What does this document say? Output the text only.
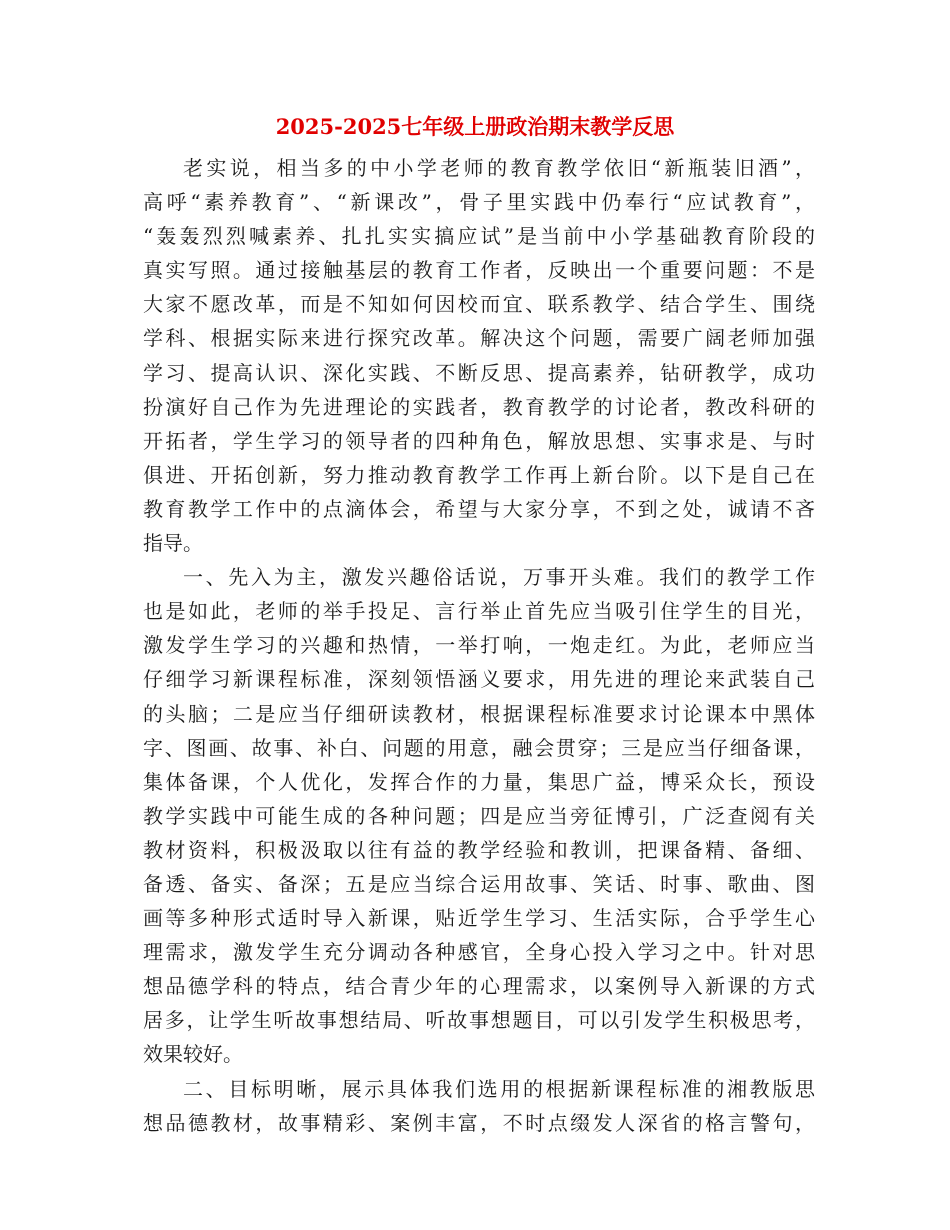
2025-2025七年级上册政治期末教学反思
老实说，相当多的中小学老师的教育教学依旧“新瓶装旧酒”，
高呼“素养教育”、“新课改”，骨子里实践中仍奉行“应试教育”，
“轰轰烈烈喊素养、扎扎实实搞应试”是当前中小学基础教育阶段的
真实写照。通过接触基层的教育工作者，反映出一个重要问题：不是
大家不愿改革，而是不知如何因校而宜、联系教学、结合学生、围绕
学科、根据实际来进行探究改革。解决这个问题，需要广阔老师加强
学习、提高认识、深化实践、不断反思、提高素养，钻研教学，成功
扮演好自己作为先进理论的实践者，教育教学的讨论者，教改科研的
开拓者，学生学习的领导者的四种角色，解放思想、实事求是、与时
俱进、开拓创新，努力推动教育教学工作再上新台阶。以下是自己在
教育教学工作中的点滴体会，希望与大家分享，不到之处，诚请不吝
指导。
一、先入为主，激发兴趣俗话说，万事开头难。我们的教学工作
也是如此，老师的举手投足、言行举止首先应当吸引住学生的目光，
激发学生学习的兴趣和热情，一举打响，一炮走红。为此，老师应当
仔细学习新课程标准，深刻领悟涵义要求，用先进的理论来武装自己
的头脑；二是应当仔细研读教材，根据课程标准要求讨论课本中黑体
字、图画、故事、补白、问题的用意，融会贯穿；三是应当仔细备课，
集体备课，个人优化，发挥合作的力量，集思广益，博采众长，预设
教学实践中可能生成的各种问题；四是应当旁征博引，广泛查阅有关
教材资料，积极汲取以往有益的教学经验和教训，把课备精、备细、
备透、备实、备深；五是应当综合运用故事、笑话、时事、歌曲、图
画等多种形式适时导入新课，贴近学生学习、生活实际，合乎学生心
理需求，激发学生充分调动各种感官，全身心投入学习之中。针对思
想品德学科的特点，结合青少年的心理需求，以案例导入新课的方式
居多，让学生听故事想结局、听故事想题目，可以引发学生积极思考，
效果较好。
二、目标明晰，展示具体我们选用的根据新课程标准的湘教版思
想品德教材，故事精彩、案例丰富，不时点缀发人深省的格言警句，
